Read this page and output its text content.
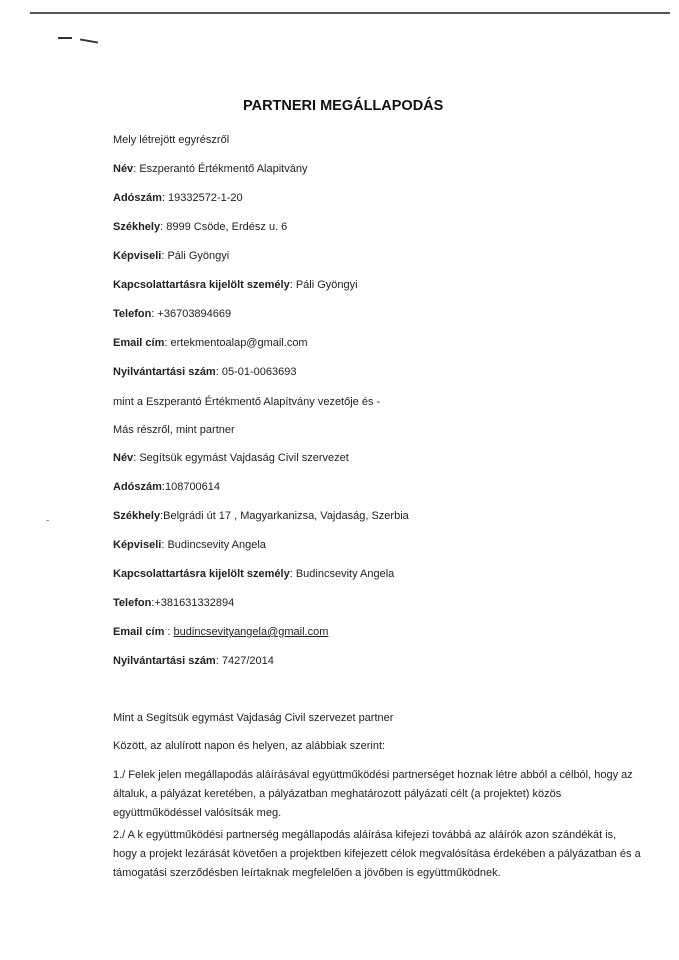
PARTNERI MEGÁLLAPODÁS
Mely létrejött egyrészről
mint a Eszperantó Értékmentő Alapítvány vezetője és -
Más részről, mint partner
Mint a Segítsük egymást Vajdaság Civil szervezet partner
Között, az alulírott napon és helyen, az alábbiak szerint:
1./ Felek jelen megállapodás aláírásával együttműködési partnerséget hoznak létre abból a célból, hogy az általuk, a pályázat keretében, a pályázatban meghatározott pályázati célt (a projektet) közös együttműködéssel valósítsák meg.
2./ A k együttműködési partnerség megállapodás aláírása kifejezi továbbá az aláírók azon szándékát is, hogy a projekt lezárását követően a projektben kifejezett célok megvalósítása érdekében a pályázatban és a támogatási szerződésben leírtaknak megfelelően a jövőben is együttműködnek.
Név: Eszperantó Értékmentő Alapitvány
Adószám: 19332572-1-20
Székhely: 8999 Csöde, Erdész u. 6
Képviseli: Páli Gyöngyi
Kapcsolattartásra kijelölt személy: Páli Gyöngyi
Telefon: +36703894669
Email cím: ertekmentoalap@gmail.com
Nyilvántartási szám: 05-01-0063693
Név: Segítsük egymást Vajdaság Civil szervezet
Adószám:108700614
Székhely:Belgrádi út 17 , Magyarkanizsa, Vajdaság, Szerbia
Képviseli: Budincsevity Angela
Kapcsolattartásra kijelölt személy: Budincsevity Angela
Telefon:+381631332894
Email cím : budincsevityangela@gmail.com
Nyilvántartási szám: 7427/2014
